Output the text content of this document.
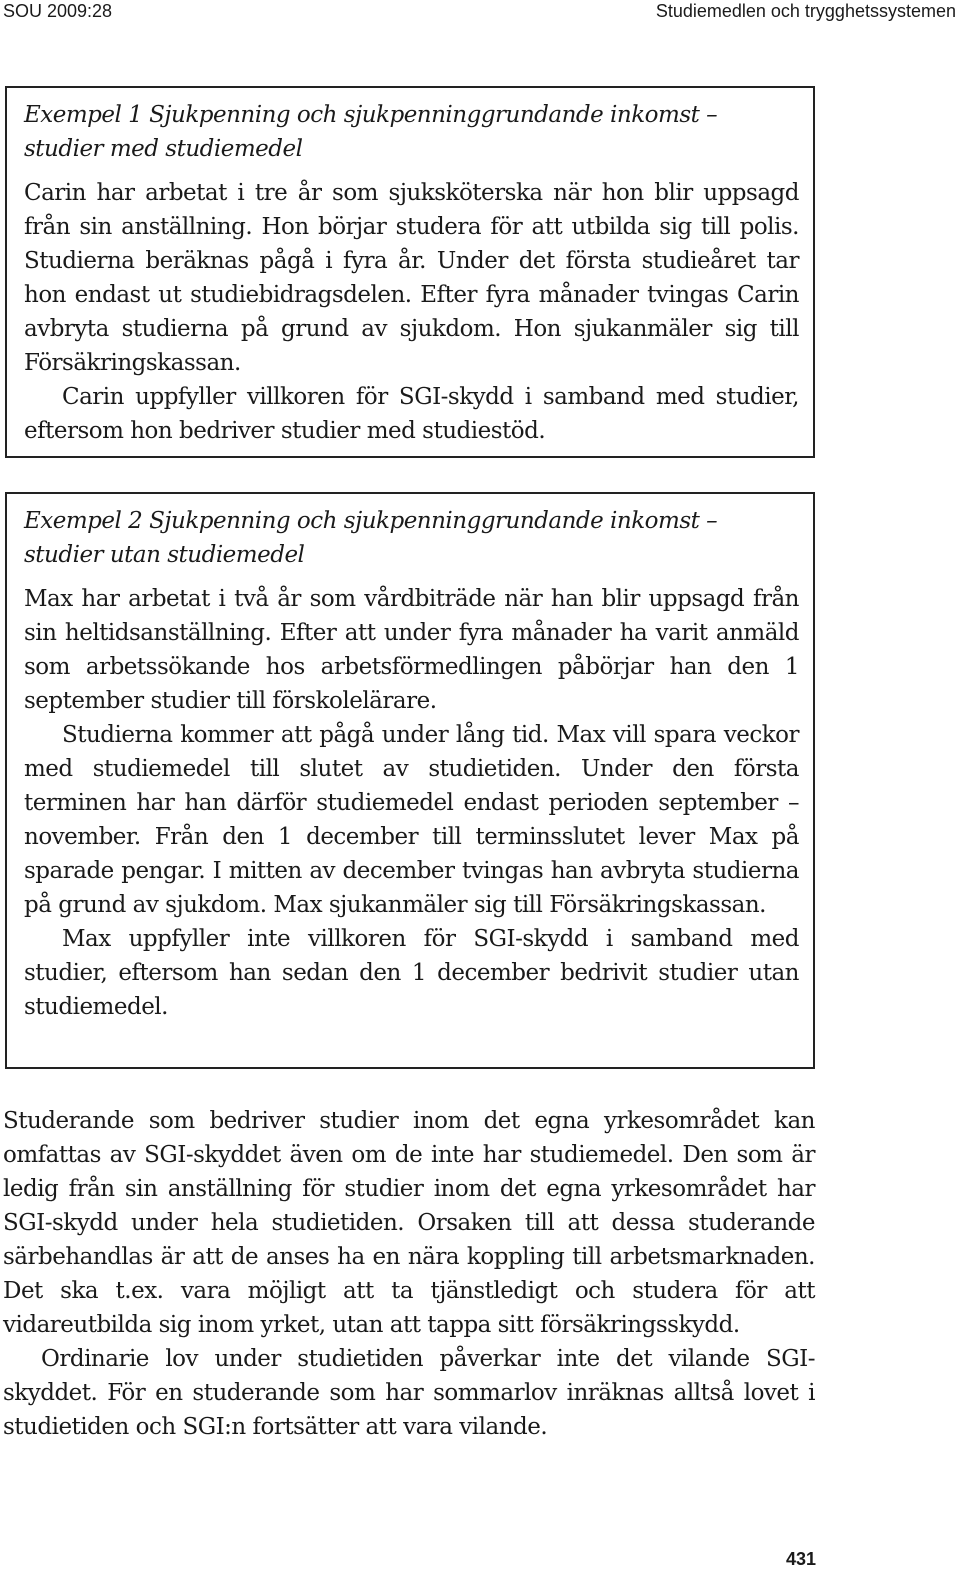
SOU 2009:28	Studiemedlen och trygghetssystemen

Exempel 1 Sjukpenning och sjukpenninggrundande inkomst – studier med studiemedel

Carin har arbetat i tre år som sjuksköterska när hon blir uppsagd från sin anställning. Hon börjar studera för att utbilda sig till polis. Studierna beräknas pågå i fyra år. Under det första studieåret tar hon endast ut studiebidragsdelen. Efter fyra månader tvingas Carin avbryta studierna på grund av sjukdom. Hon sjukanmäler sig till Försäkringskassan.

Carin uppfyller villkoren för SGI-skydd i samband med studier, eftersom hon bedriver studier med studiestöd.

Exempel 2 Sjukpenning och sjukpenninggrundande inkomst – studier utan studiemedel

Max har arbetat i två år som vårdbiträde när han blir uppsagd från sin heltidsanställning. Efter att under fyra månader ha varit anmäld som arbetssökande hos arbetsförmedlingen påbörjar han den 1 september studier till förskolelärare.

Studierna kommer att pågå under lång tid. Max vill spara veckor med studiemedel till slutet av studietiden. Under den första terminen har han därför studiemedel endast perioden september – november. Från den 1 december till terminsslutet lever Max på sparade pengar. I mitten av december tvingas han avbryta studierna på grund av sjukdom. Max sjukanmäler sig till Försäkringskassan.

Max uppfyller inte villkoren för SGI-skydd i samband med studier, eftersom han sedan den 1 december bedrivit studier utan studiemedel.

Studerande som bedriver studier inom det egna yrkesområdet kan omfattas av SGI-skyddet även om de inte har studiemedel. Den som är ledig från sin anställning för studier inom det egna yrkesområdet har SGI-skydd under hela studietiden. Orsaken till att dessa studerande särbehandlas är att de anses ha en nära koppling till arbetsmarknaden. Det ska t.ex. vara möjligt att ta tjänstledigt och studera för att vidareutbilda sig inom yrket, utan att tappa sitt försäkringsskydd.

Ordinarie lov under studietiden påverkar inte det vilande SGI-skyddet. För en studerande som har sommarlov inräknas alltså lovet i studietiden och SGI:n fortsätter att vara vilande.

431
